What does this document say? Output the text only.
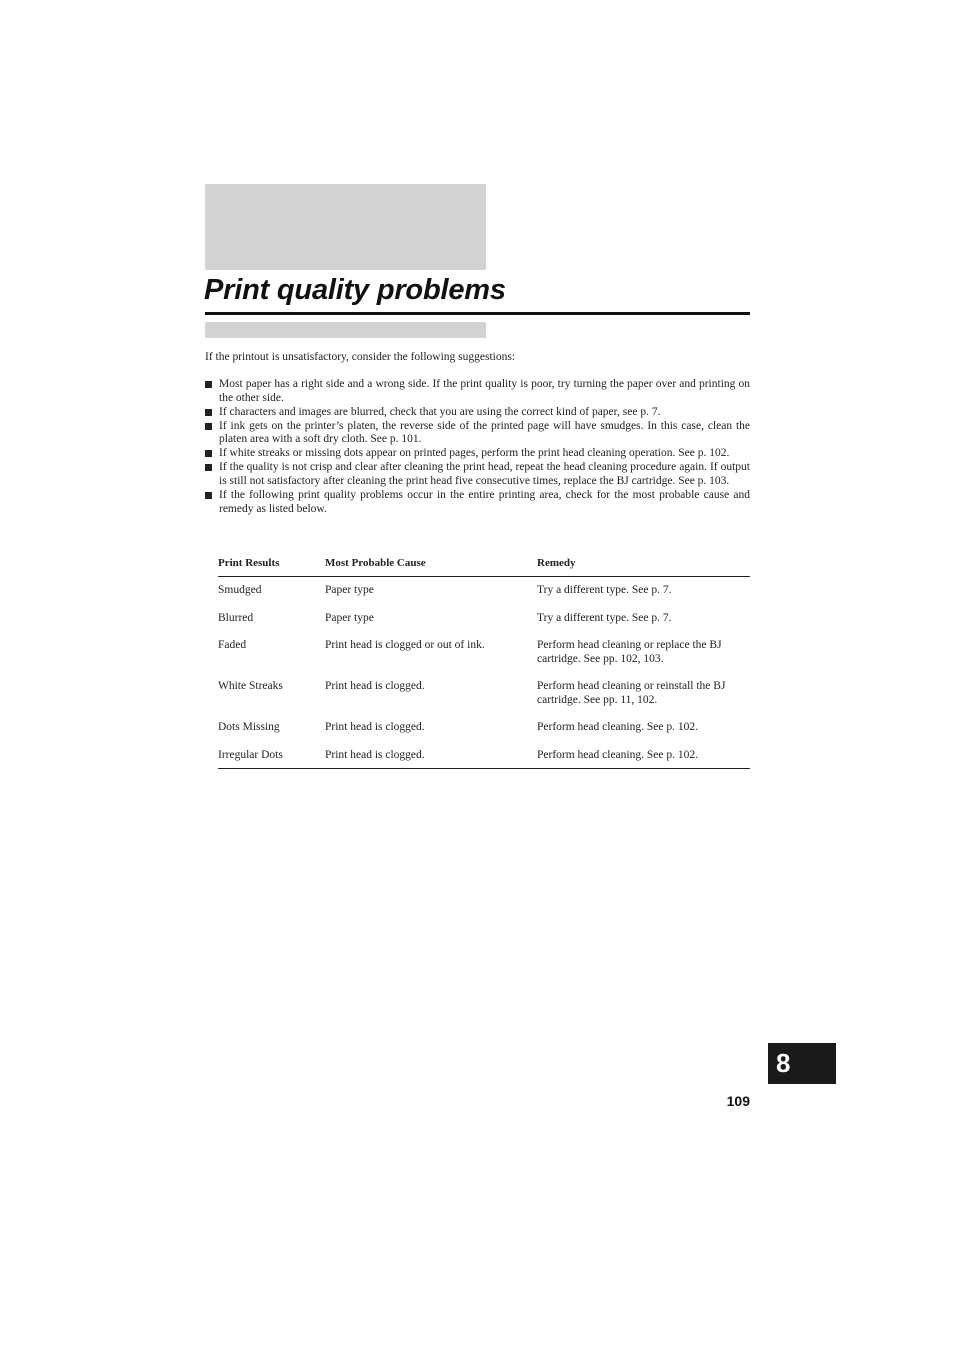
Print quality problems

If the printout is unsatisfactory, consider the following suggestions:

Most paper has a right side and a wrong side. If the print quality is poor, try turning the paper over and printing on the other side.
If characters and images are blurred, check that you are using the correct kind of paper, see p. 7.
If ink gets on the printer’s platen, the reverse side of the printed page will have smudges. In this case, clean the platen area with a soft dry cloth. See p. 101.
If white streaks or missing dots appear on printed pages, perform the print head cleaning operation. See p. 102.
If the quality is not crisp and clear after cleaning the print head, repeat the head cleaning procedure again. If output is still not satisfactory after cleaning the print head five consecutive times, replace the BJ cartridge. See p. 103.
If the following print quality problems occur in the entire printing area, check for the most probable cause and remedy as listed below.
Print Results	Most Probable Cause	Remedy
Smudged	Paper type	Try a different type. See p. 7.
Blurred	Paper type	Try a different type. See p. 7.
Faded	Print head is clogged or out of ink.	Perform head cleaning or replace the BJ cartridge. See pp. 102, 103.
White Streaks	Print head is clogged.	Perform head cleaning or reinstall the BJ cartridge. See pp. 11, 102.
Dots Missing	Print head is clogged.	Perform head cleaning. See p. 102.
Irregular Dots	Print head is clogged.	Perform head cleaning. See p. 102.
8
109
